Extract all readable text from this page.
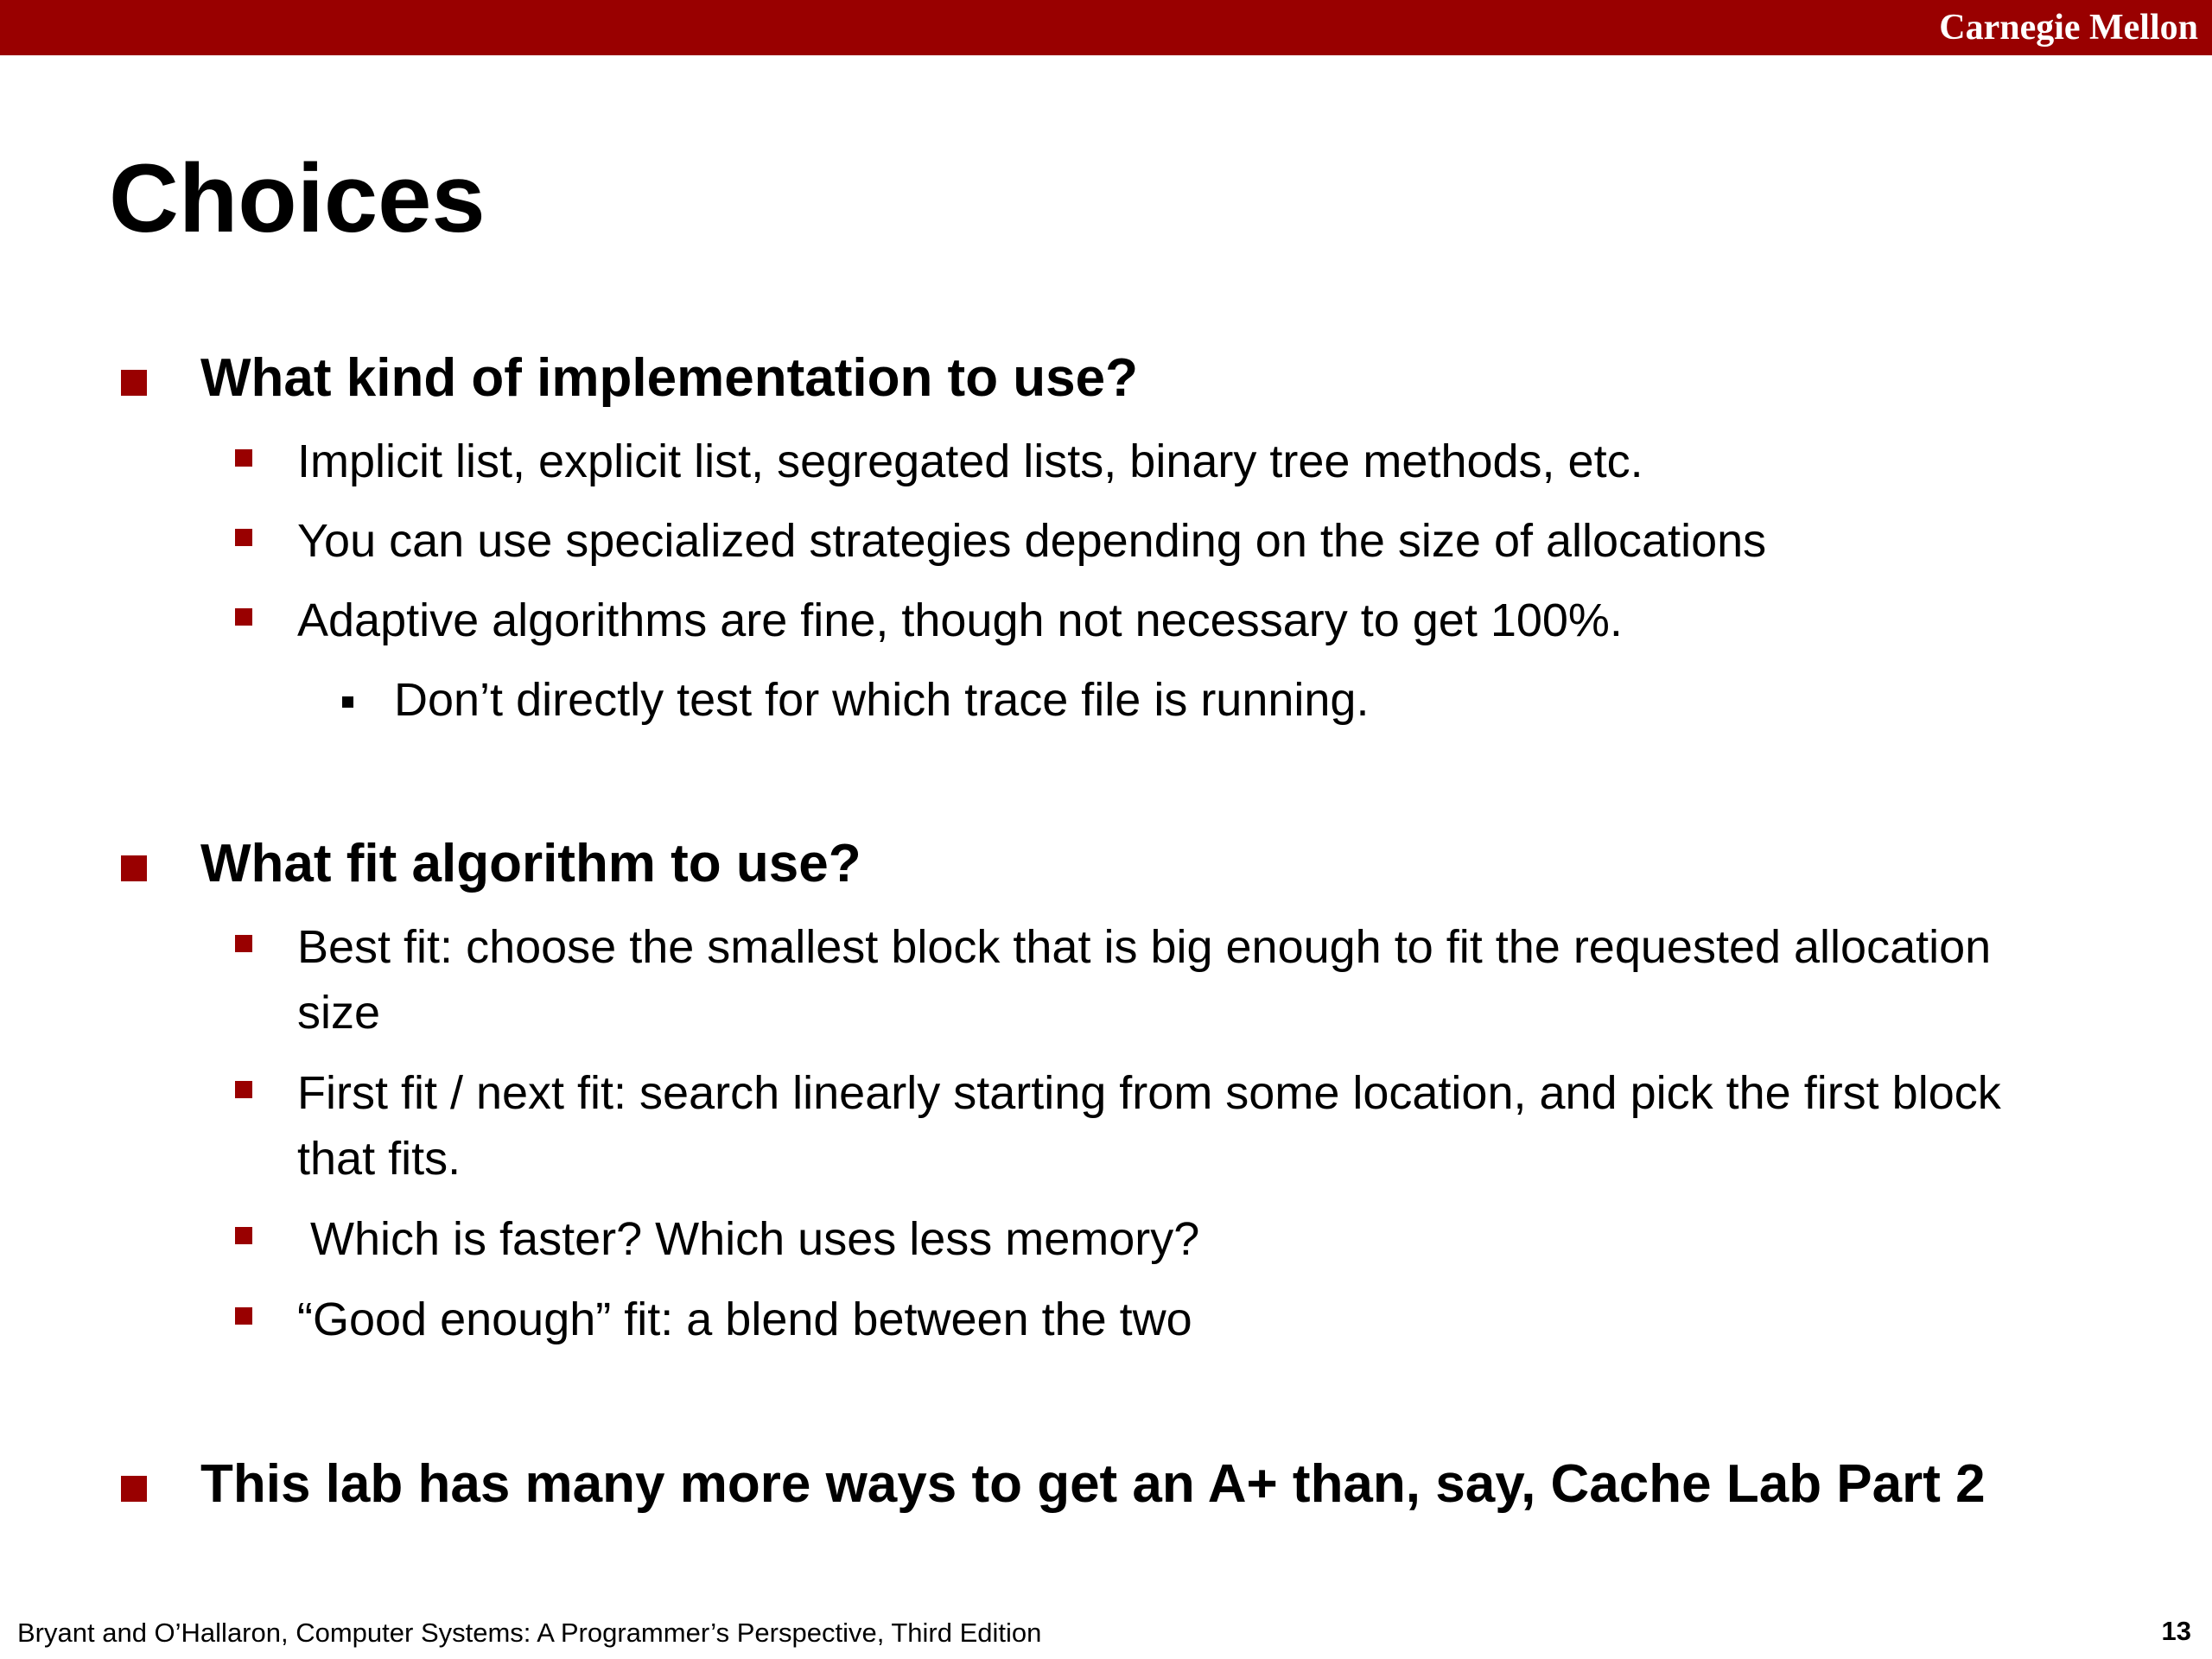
Carnegie Mellon
Choices
What kind of implementation to use?
Implicit list, explicit list, segregated lists, binary tree methods, etc.
You can use specialized strategies depending on the size of allocations
Adaptive algorithms are fine, though not necessary to get 100%.
Don’t directly test for which trace file is running.
What fit algorithm to use?
Best fit: choose the smallest block that is big enough to fit the requested allocation size
First fit / next fit: search linearly starting from some location, and pick the first block that fits.
Which is faster? Which uses less memory?
“Good enough” fit: a blend between the two
This lab has many more ways to get an A+ than, say, Cache Lab Part 2
Bryant and O’Hallaron, Computer Systems: A Programmer’s Perspective, Third Edition	13
